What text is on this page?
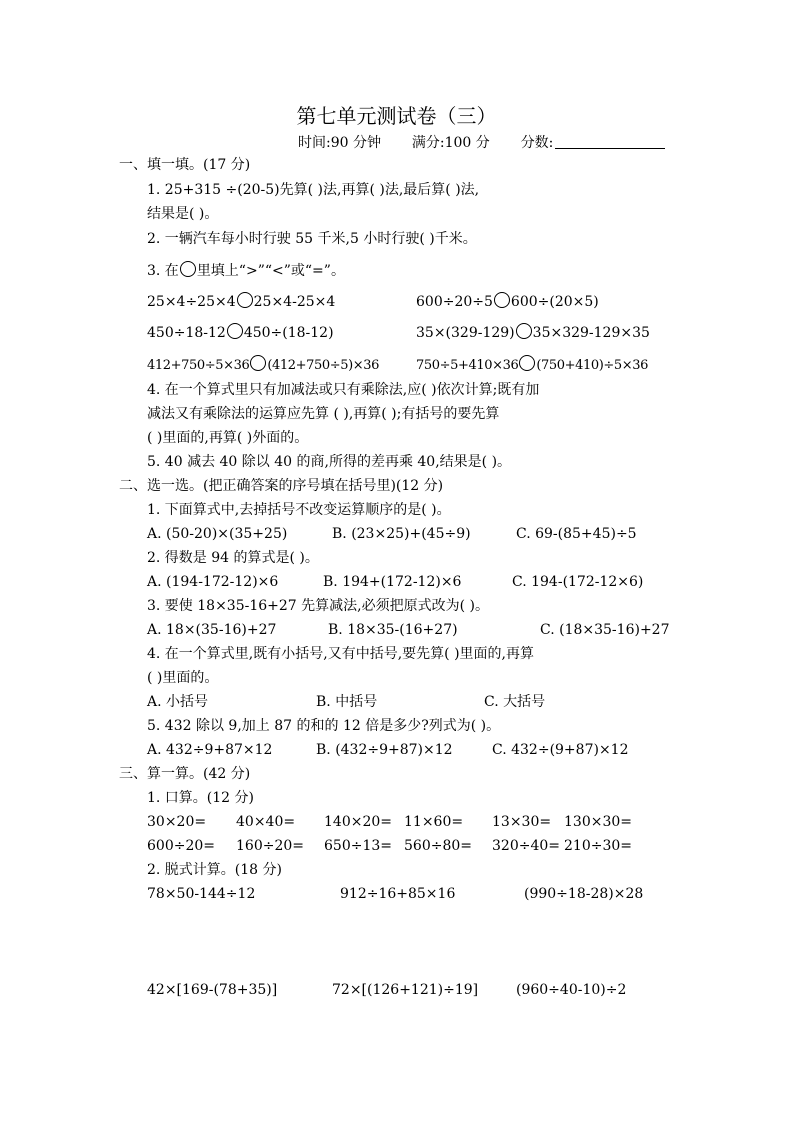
第七单元测试卷（三）
时间:90 分钟 满分:100 分 分数:
一、填一填。(17 分)
1. 25+315 ÷(20-5)先算( )法,再算( )法,最后算( )法,
结果是( )。
2. 一辆汽车每小时行驶 55 千米,5 小时行驶( )千米。
3. 在 里填上“>”“<”或“=”。
25×4÷25×4 25×4-25×4	600÷20÷5 600÷(20×5)
450÷18-12 450÷(18-12)	35×(329-129) 35×329-129×35
412+750÷5×36 (412+750÷5)×36	750÷5+410×36 (750+410)÷5×36
4. 在一个算式里只有加减法或只有乘除法,应( )依次计算;既有加
减法又有乘除法的运算应先算 ( ),再算( );有括号的要先算
( )里面的,再算( )外面的。
5. 40 减去 40 除以 40 的商,所得的差再乘 40,结果是( )。
二、选一选。(把正确答案的序号填在括号里)(12 分)
1. 下面算式中,去掉括号不改变运算顺序的是( )。
A. (50-20)×(35+25)	B. (23×25)+(45÷9)	C. 69-(85+45)÷5
2. 得数是 94 的算式是( )。
A. (194-172-12)×6	B. 194+(172-12)×6	C. 194-(172-12×6)
3. 要使 18×35-16+27 先算减法,必须把原式改为( )。
A. 18×(35-16)+27	B. 18×35-(16+27)	C. (18×35-16)+27
4. 在一个算式里,既有小括号,又有中括号,要先算( )里面的,再算
( )里面的。
A. 小括号	B. 中括号	C. 大括号
5. 432 除以 9,加上 87 的和的 12 倍是多少?列式为( )。
A. 432÷9+87×12	B. (432÷9+87)×12	C. 432÷(9+87)×12
三、算一算。(42 分)
1. 口算。(12 分)
30×20= 40×40= 140×20= 11×60= 13×30= 130×30=
600÷20= 160÷20= 650÷13= 560÷80= 320÷40= 210÷30=
2. 脱式计算。(18 分)
78×50-144÷12	912÷16+85×16	(990÷18-28)×28
42×[169-(78+35)]	72×[(126+121)÷19]	(960÷40-10)÷2
